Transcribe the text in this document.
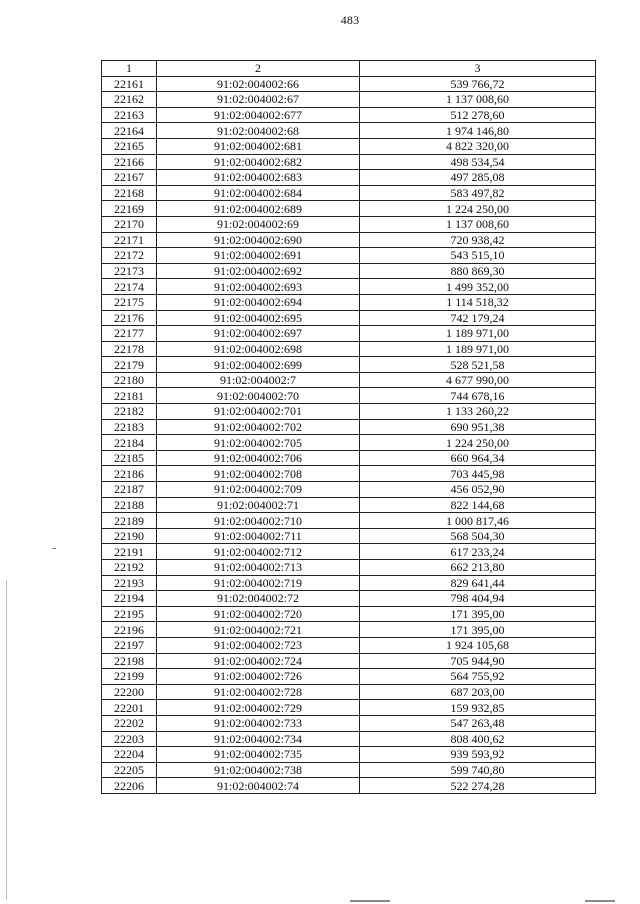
483
1	2	3
22161	91:02:004002:66	539 766,72
22162	91:02:004002:67	1 137 008,60
22163	91:02:004002:677	512 278,60
22164	91:02:004002:68	1 974 146,80
22165	91:02:004002:681	4 822 320,00
22166	91:02:004002:682	498 534,54
22167	91:02:004002:683	497 285,08
22168	91:02:004002:684	583 497,82
22169	91:02:004002:689	1 224 250,00
22170	91:02:004002:69	1 137 008,60
22171	91:02:004002:690	720 938,42
22172	91:02:004002:691	543 515,10
22173	91:02:004002:692	880 869,30
22174	91:02:004002:693	1 499 352,00
22175	91:02:004002:694	1 114 518,32
22176	91:02:004002:695	742 179,24
22177	91:02:004002:697	1 189 971,00
22178	91:02:004002:698	1 189 971,00
22179	91:02:004002:699	528 521,58
22180	91:02:004002:7	4 677 990,00
22181	91:02:004002:70	744 678,16
22182	91:02:004002:701	1 133 260,22
22183	91:02:004002:702	690 951,38
22184	91:02:004002:705	1 224 250,00
22185	91:02:004002:706	660 964,34
22186	91:02:004002:708	703 445,98
22187	91:02:004002:709	456 052,90
22188	91:02:004002:71	822 144,68
22189	91:02:004002:710	1 000 817,46
22190	91:02:004002:711	568 504,30
22191	91:02:004002:712	617 233,24
22192	91:02:004002:713	662 213,80
22193	91:02:004002:719	829 641,44
22194	91:02:004002:72	798 404,94
22195	91:02:004002:720	171 395,00
22196	91:02:004002:721	171 395,00
22197	91:02:004002:723	1 924 105,68
22198	91:02:004002:724	705 944,90
22199	91:02:004002:726	564 755,92
22200	91:02:004002:728	687 203,00
22201	91:02:004002:729	159 932,85
22202	91:02:004002:733	547 263,48
22203	91:02:004002:734	808 400,62
22204	91:02:004002:735	939 593,92
22205	91:02:004002:738	599 740,80
22206	91:02:004002:74	522 274,28
